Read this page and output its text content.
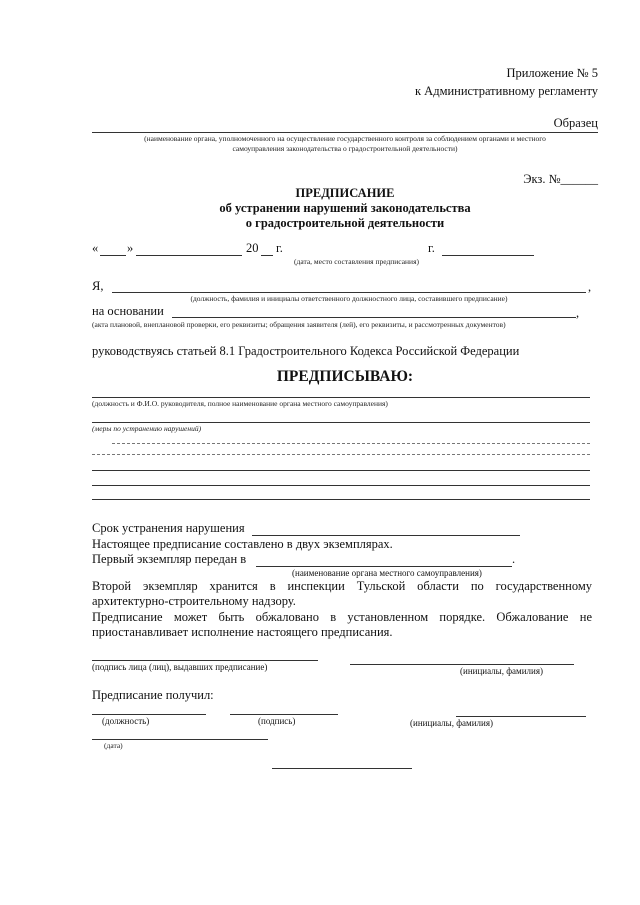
Приложение № 5
к Административному регламенту
Образец
(наименование органа, уполномоченного на осуществление государственного контроля за соблюдением органами и местного
самоуправления законодательства о градостроительной деятельности)
Экз. №______
ПРЕДПИСАНИЕ
об устранении нарушений законодательства
о градостроительной деятельности
« »	20 г.	г.
(дата, место составления предписания)
Я,	,
(должность, фамилия и инициалы ответственного должностного лица, составившего предписание)
на основании	,
(акта плановой, внеплановой проверки, его реквизиты; обращения заявителя (лей), его реквизиты, и рассмотренных документов)
руководствуясь статьей 8.1 Градостроительного Кодекса Российской Федерации
ПРЕДПИСЫВАЮ:
(должность и Ф.И.О. руководителя, полное наименование органа местного самоуправления)
(меры по устранению нарушений)
Срок устранения нарушения
Настоящее предписание составлено в двух экземплярах.
Первый экземпляр передан в	.
(наименование органа местного самоуправления)
Второй экземпляр хранится в инспекции Тульской области по государственному архитектурно-строительному надзору.
Предписание может быть обжаловано в установленном порядке. Обжалование не приостанавливает исполнение настоящего предписания.
(подпись лица (лиц), выдавших предписание)	(инициалы, фамилия)
Предписание получил:
(должность)	(подпись)	(инициалы, фамилия)
(дата)
